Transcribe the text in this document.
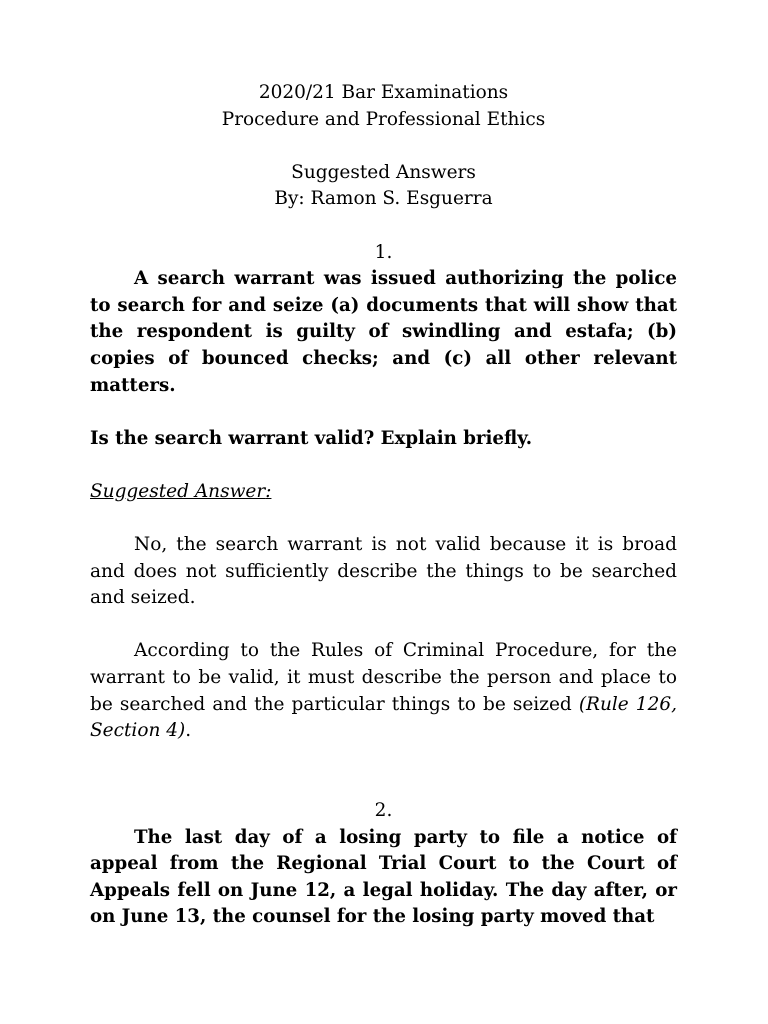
2020/21 Bar Examinations

Procedure and Professional Ethics

Suggested Answers

By: Ramon S. Esguerra

1.

A search warrant was issued authorizing the police to search for and seize (a) documents that will show that the respondent is guilty of swindling and estafa; (b) copies of bounced checks; and (c) all other relevant matters.

Is the search warrant valid? Explain briefly.

Suggested Answer:

No, the search warrant is not valid because it is broad and does not sufficiently describe the things to be searched and seized.

According to the Rules of Criminal Procedure, for the warrant to be valid, it must describe the person and place to be searched and the particular things to be seized (Rule 126, Section 4).

2.

The last day of a losing party to file a notice of appeal from the Regional Trial Court to the Court of Appeals fell on June 12, a legal holiday. The day after, or on June 13, the counsel for the losing party moved that
